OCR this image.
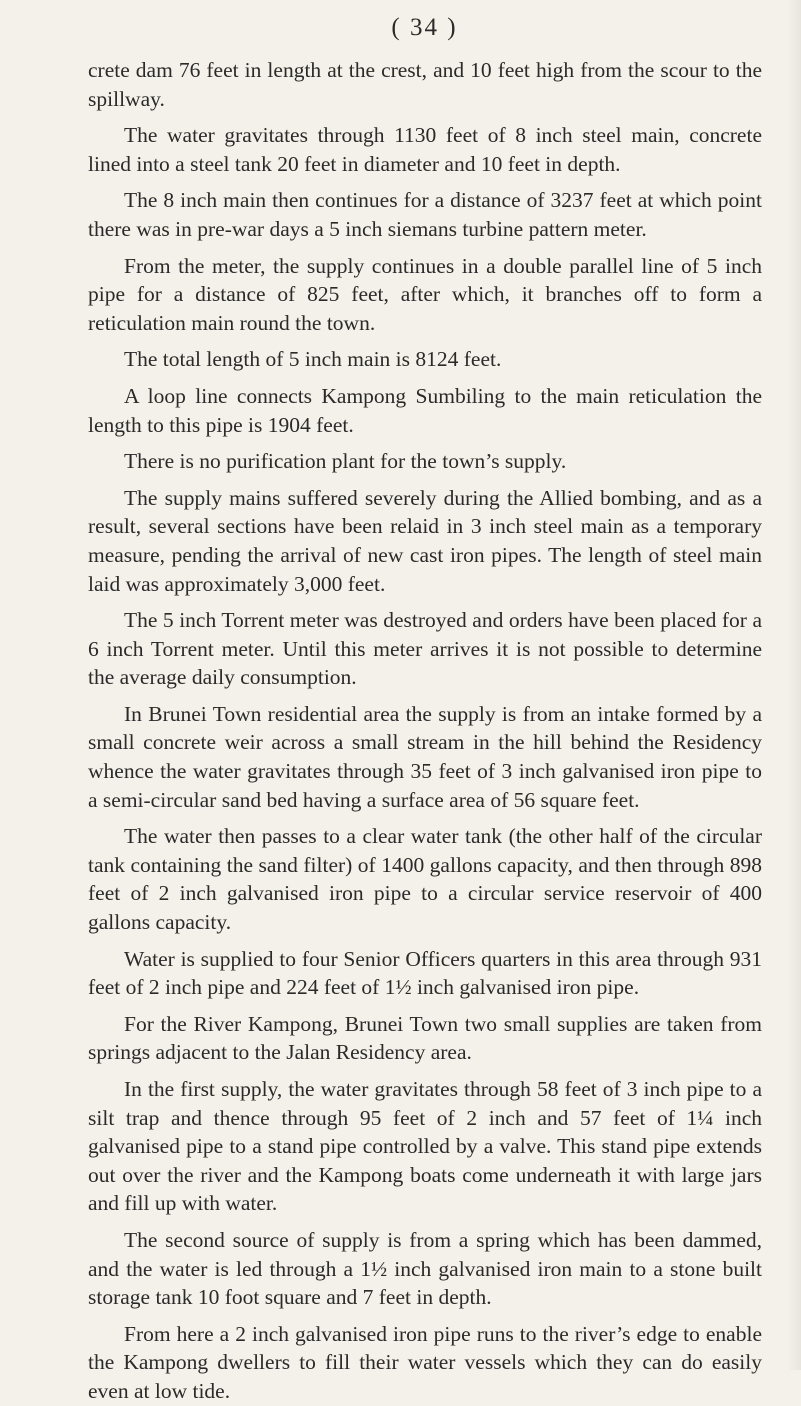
( 34 )

crete dam 76 feet in length at the crest, and 10 feet high from the scour to the spillway.

The water gravitates through 1130 feet of 8 inch steel main, concrete lined into a steel tank 20 feet in diameter and 10 feet in depth.

The 8 inch main then continues for a distance of 3237 feet at which point there was in pre-war days a 5 inch siemans turbine pattern meter.

From the meter, the supply continues in a double parallel line of 5 inch pipe for a distance of 825 feet, after which, it branches off to form a reticulation main round the town.

The total length of 5 inch main is 8124 feet.

A loop line connects Kampong Sumbiling to the main reticulation the length to this pipe is 1904 feet.

There is no purification plant for the town’s supply.

The supply mains suffered severely during the Allied bombing, and as a result, several sections have been relaid in 3 inch steel main as a temporary measure, pending the arrival of new cast iron pipes. The length of steel main laid was approximately 3,000 feet.

The 5 inch Torrent meter was destroyed and orders have been placed for a 6 inch Torrent meter. Until this meter arrives it is not possible to determine the average daily consumption.

In Brunei Town residential area the supply is from an intake formed by a small concrete weir across a small stream in the hill behind the Residency whence the water gravitates through 35 feet of 3 inch galvanised iron pipe to a semi-circular sand bed having a surface area of 56 square feet.

The water then passes to a clear water tank (the other half of the circular tank containing the sand filter) of 1400 gallons capacity, and then through 898 feet of 2 inch galvanised iron pipe to a circular service reservoir of 400 gallons capacity.

Water is supplied to four Senior Officers quarters in this area through 931 feet of 2 inch pipe and 224 feet of 1½ inch galvanised iron pipe.

For the River Kampong, Brunei Town two small supplies are taken from springs adjacent to the Jalan Residency area.

In the first supply, the water gravitates through 58 feet of 3 inch pipe to a silt trap and thence through 95 feet of 2 inch and 57 feet of 1¼ inch galvanised pipe to a stand pipe controlled by a valve. This stand pipe extends out over the river and the Kampong boats come underneath it with large jars and fill up with water.

The second source of supply is from a spring which has been dammed, and the water is led through a 1½ inch galvanised iron main to a stone built storage tank 10 foot square and 7 feet in depth.

From here a 2 inch galvanised iron pipe runs to the river’s edge to enable the Kampong dwellers to fill their water vessels which they can do easily even at low tide.
